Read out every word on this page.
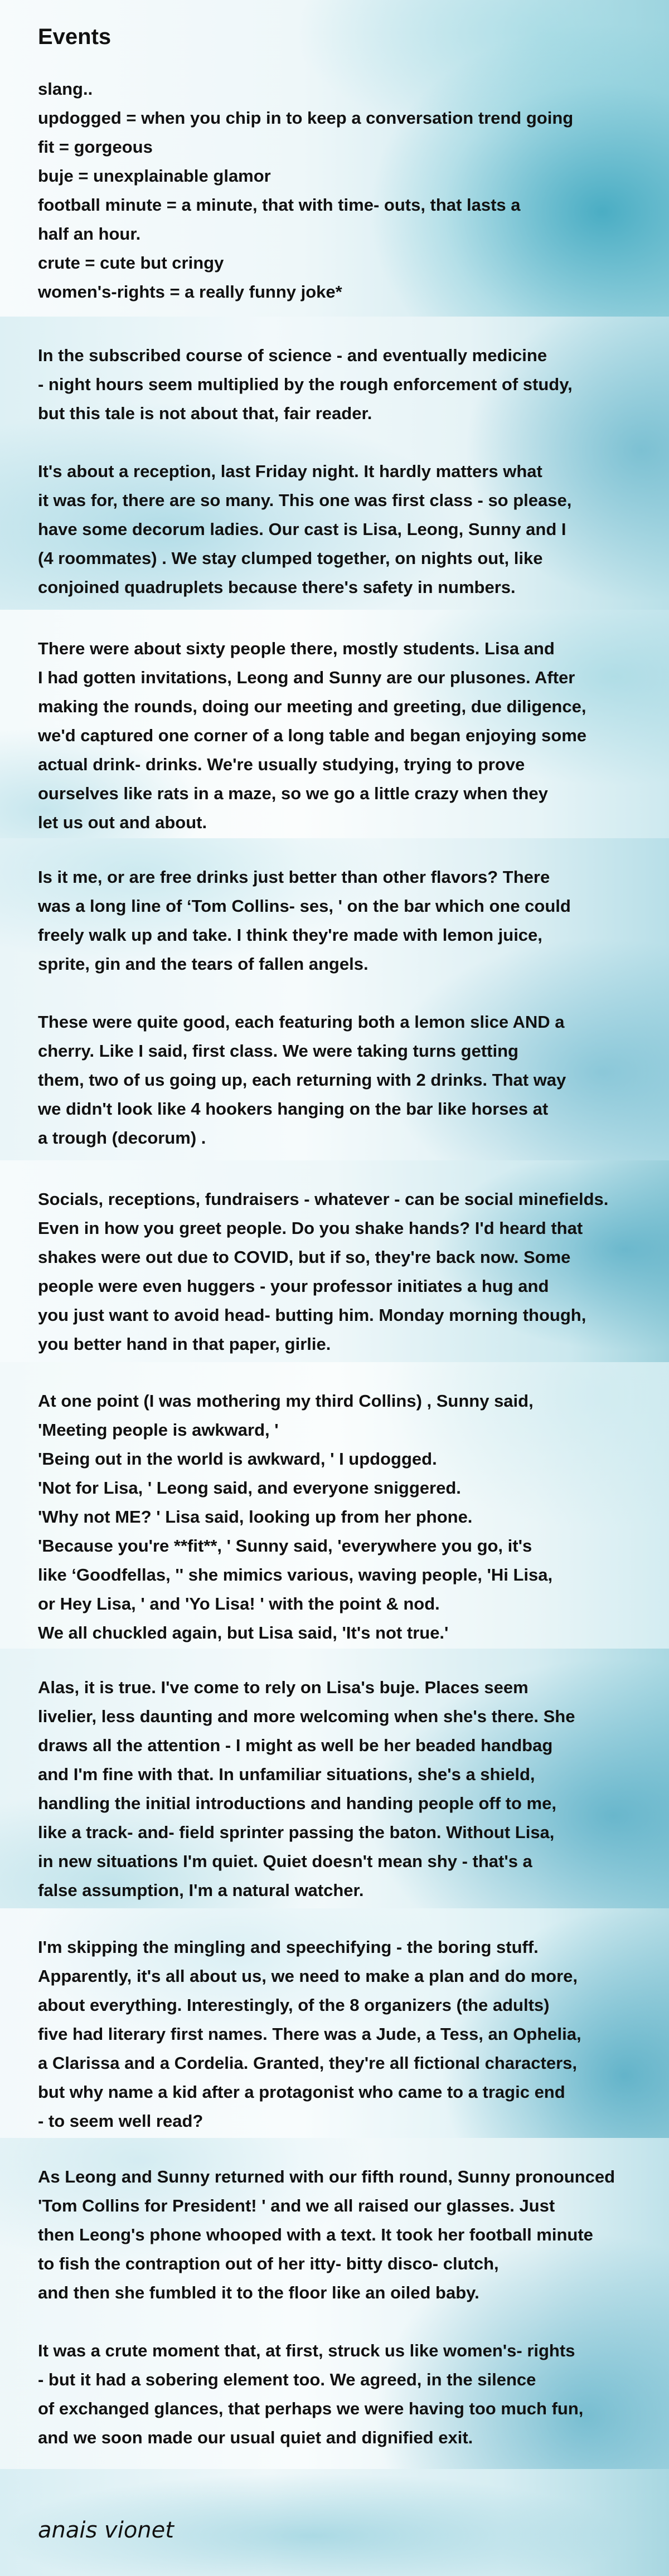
Events
slang..
updogged = when you chip in to keep a conversation trend going
fit = gorgeous
buje = unexplainable glamor
football minute = a minute, that with time- outs, that lasts a
half an hour.
crute = cute but cringy
women's-rights = a really funny joke*
In the subscribed course of science - and eventually medicine
- night hours seem multiplied by the rough enforcement of study,
but this tale is not about that, fair reader.

It's about a reception, last Friday night. It hardly matters what
it was for, there are so many. This one was first class - so please,
have some decorum ladies. Our cast is Lisa, Leong, Sunny and I
(4 roommates) . We stay clumped together, on nights out, like
conjoined quadruplets because there's safety in numbers.
There were about sixty people there, mostly students. Lisa and
I had gotten invitations, Leong and Sunny are our plusones. After
making the rounds, doing our meeting and greeting, due diligence,
we'd captured one corner of a long table and began enjoying some
actual drink- drinks. We're usually studying, trying to prove
ourselves like rats in a maze, so we go a little crazy when they
let us out and about.
Is it me, or are free drinks just better than other flavors? There
was a long line of ‘Tom Collins- ses, ' on the bar which one could
freely walk up and take. I think they're made with lemon juice,
sprite, gin and the tears of fallen angels.

These were quite good, each featuring both a lemon slice AND a
cherry. Like I said, first class. We were taking turns getting
them, two of us going up, each returning with 2 drinks. That way
we didn't look like 4 hookers hanging on the bar like horses at
a trough (decorum) .
Socials, receptions, fundraisers - whatever - can be social minefields.
Even in how you greet people. Do you shake hands? I'd heard that
shakes were out due to COVID, but if so, they're back now. Some
people were even huggers - your professor initiates a hug and
you just want to avoid head- butting him. Monday morning though,
you better hand in that paper, girlie.
At one point (I was mothering my third Collins) , Sunny said,
'Meeting people is awkward, '
'Being out in the world is awkward, ' I updogged.
'Not for Lisa, ' Leong said, and everyone sniggered.
'Why not ME? ' Lisa said, looking up from her phone.
'Because you're **fit**, ' Sunny said, 'everywhere you go, it's
like ‘Goodfellas, '' she mimics various, waving people, 'Hi Lisa,
or Hey Lisa, ' and 'Yo Lisa! ' with the point & nod.
We all chuckled again, but Lisa said, 'It's not true.'
Alas, it is true. I've come to rely on Lisa's buje. Places seem
livelier, less daunting and more welcoming when she's there. She
draws all the attention - I might as well be her beaded handbag
and I'm fine with that. In unfamiliar situations, she's a shield,
handling the initial introductions and handing people off to me,
like a track- and- field sprinter passing the baton. Without Lisa,
in new situations I'm quiet. Quiet doesn't mean shy - that's a
false assumption, I'm a natural watcher.
I'm skipping the mingling and speechifying - the boring stuff.
Apparently, it's all about us, we need to make a plan and do more,
about everything. Interestingly, of the 8 organizers (the adults)
five had literary first names. There was a Jude, a Tess, an Ophelia,
a Clarissa and a Cordelia. Granted, they're all fictional characters,
but why name a kid after a protagonist who came to a tragic end
- to seem well read?
As Leong and Sunny returned with our fifth round, Sunny pronounced
'Tom Collins for President! ' and we all raised our glasses. Just
then Leong's phone whooped with a text. It took her football minute
to fish the contraption out of her itty- bitty disco- clutch,
and then she fumbled it to the floor like an oiled baby.

It was a crute moment that, at first, struck us like women's- rights
- but it had a sobering element too. We agreed, in the silence
of exchanged glances, that perhaps we were having too much fun,
and we soon made our usual quiet and dignified exit.
anais vionet
